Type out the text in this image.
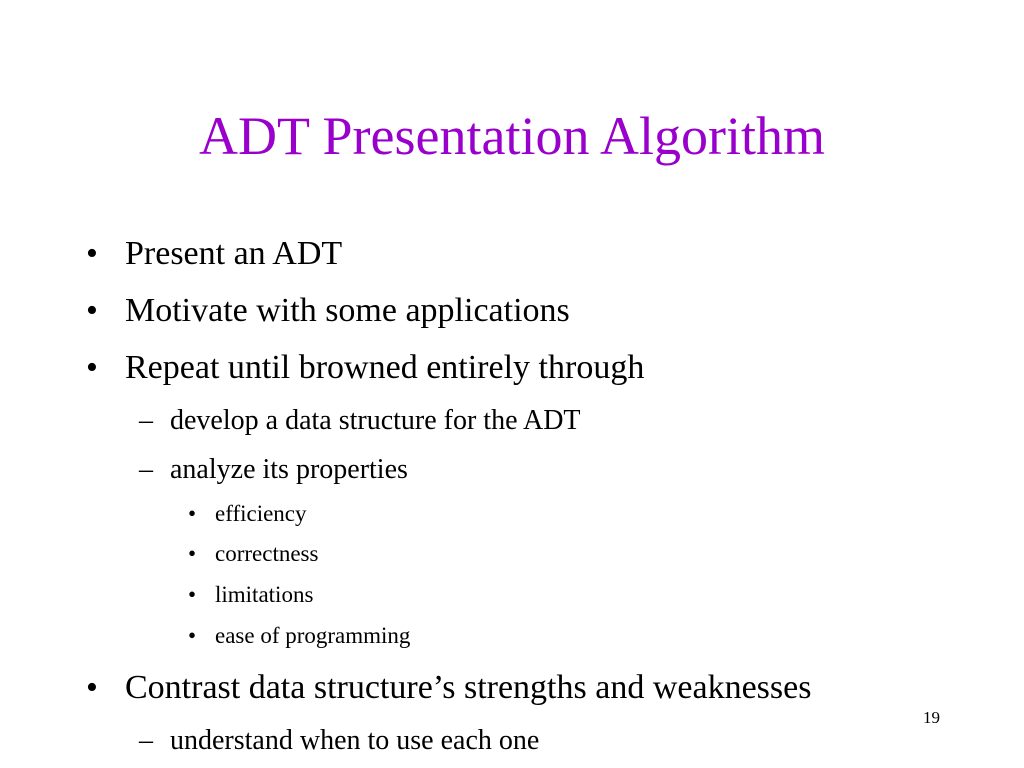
ADT Presentation Algorithm
• Present an ADT
• Motivate with some applications
• Repeat until browned entirely through
– develop a data structure for the ADT
– analyze its properties
• efficiency
• correctness
• limitations
• ease of programming
• Contrast data structure’s strengths and weaknesses
– understand when to use each one
19
